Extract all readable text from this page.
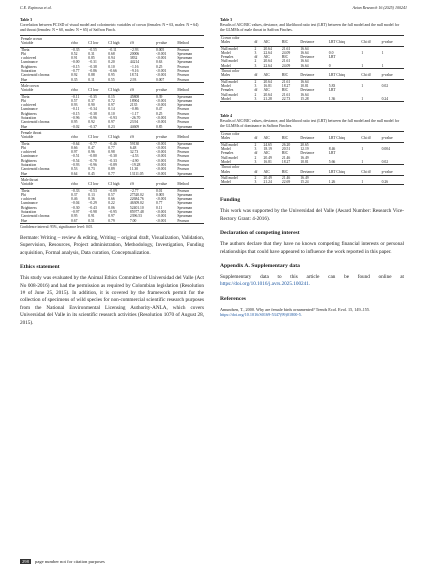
C.E. Espinosa et al.	Avian Research 16 (2025) 100241
Table 3
Correlation between PC1SD of visual model and colorimetric variables of crown (females: N = 63, males: N = 64) and throat (females: N = 60, males: N = 65) of Saffron Finch.
Female crown						
Variable	r/rho	CI low	CI high	t/S	p-value	Method
Theta	−0.35	−0.55	−0.11	−2.93	0.005	Pearson
Phi	0.52	0.31	0.68	20006	<0.001	Spearman
r achieved	0.91	0.85	0.94	3832	<0.001	Spearman
Luminance	−0.00	−0.31	0.20	44214	0.63	Spearman
Brightness	−0.15	−0.38	0.10	−1.16	0.25	Pearson
Saturation	−0.77	−0.86	−0.66	−9.16	<0.001	Pearson
Carotenoid chroma	0.92	0.88	0.95	18.74	<0.001	Pearson
Hue	0.35	0.11	0.55	2.93	0.007	Pearson
Male crown						
Variable	r/rho	CI low	CI high	t/S	p-value	Method
Theta	−0.11	−0.35	0.15	45808	0.39	Spearman
Phi	0.57	0.37	0.72	18904	<0.001	Spearman
r achieved	0.93	0.90	0.97	2135	<0.001	Spearman
Luminance	−0.11	−0.34	0.14	−0.86	0.47	Pearson
Brightness	−0.15	−0.38	0.10	−1.17	0.25	Pearson
Saturation	−0.96	−0.96	−0.93	−26.70	<0.001	Pearson
Carotenoid chroma	0.95	0.92	0.97	23.94	<0.001	Pearson
Hue	−0.02	−0.37	0.23	44609	0.85	Spearman
Female throat						
Variable	r/rho	CI low	CI high	t/S	p-value	Method
Theta	−0.64	−0.77	−0.46	59130	<0.001	Spearman
Phi	0.66	0.47	0.77	6.48	<0.001	Pearson
r achieved	0.97	0.96	0.98	32.73	<0.001	Pearson
Luminance	−0.51	−0.80	−0.30	−4.53	<0.001	Pearson
Brightness	−0.54	−0.70	−0.33	−4.90	<0.001	Pearson
Saturation	−0.93	−0.96	−0.89	−19.28	<0.001	Pearson
Carotenoid chroma	0.53	0.73	0.89	11.30	<0.001	Pearson
Hue	0.64	0.45	0.77	13111.05	<0.001	Spearman
Male throat						
Variable	r/rho	CI low	CI high	t/S	p-value	Method
Theta	−0.33	−0.53	−0.09	−2.77	0.01	Pearson
Phi	0.37	0.13	0.57	27520.02	0.005	Spearman
r achieved	0.46	0.36	0.66	22684.76	<0.001	Spearman
Luminance	−0.04	−0.29	0.22	46309.02	0.77	Spearman
Brightness	−0.30	−0.43	0.06	52401.10	0.11	Spearman
Saturation	−0.97	−0.98	−0.95	85977.48	<0.001	Spearman
Carotenoid chroma	0.95	0.91	0.97	2396.53	<0.001	Spearman
Hue	0.67	0.51	0.79	7.00	<0.001	Pearson
Confidence interval: 95%, significance level: 0.05.

Bermate: Writing – review & editing, Writing – original draft, Visualization, Validation, Supervision, Resources, Project administration, Methodology, Investigation, Funding acquisition, Formal analysis, Data curation, Conceptualization.

Ethics statement

This study was evaluated by the Animal Ethics Committee of Universidad del Valle (Act No 008-2016) and had the permission as required by Colombian legislation (Resolution 1# of June 25, 2015). In addition, it is covered by the framework permit for the collection of specimens of wild species for non-commercial scientific research purposes from the National Environmental Licensing Authority-ANLA, which covers Universidad del Valle in its scientific research activities (Resolution 1070 of August 28, 2015).

Table 3
Results of AIC/BIC values, deviance, and likelihood ratio test (LRT) between the full model and the null model for the GLMMs of male throat in Saffron Finches.
Crown color							
Males	df	AIC	BIC	Deviance	LRT Chisq	Chi df	p-value
Null model	2	20.64	21.61	16.64			
Model	3	22.64	24.09	16.64	0.0	1	1
Females	df	AIC	BIC	Deviance	LRT		
Null model	2	20.64	21.61	16.64			
Model	3	22.64	24.09	16.64	0	1	1
Throat color							
Males	df	AIC	BIC	Deviance	LRT Chisq	Chi df	p-value
Null model	2	20.64	21.61	16.64			
Model	3	16.81	18.27	10.81	5.83	1	0.02
Females	df	AIC	BIC	Deviance	LRT		
Null model	2	20.64	21.61	16.64			
Model	3	21.28	22.73	15.28	1.36	1	0.24
Table 4
Results of AIC/BIC values, deviance, and likelihood ratio test (LRT) between the full model and the null model for the GLMMs of dominance in Saffron Finches.
Crown color							
Males	df	AIC	BIC	Deviance	LRT Chisq	Chi df	p-value
Null model	2	24.65	26.20	20.65			
Model	3	18.19	20.51	12.19	8.46	1	0.004
Females	df	AIC	BIC	Deviance	LRT		
Null model	2	20.49	21.46	16.49			
Model	3	16.81	18.27	10.81	5.66	1	0.02
Throat color							
Males	df	AIC	BIC	Deviance	LRT Chisq	Chi df	p-value
Null model	2	20.49	21.46	16.49			
Model	3	21.24	22.69	15.24	1.26	1	0.26
Funding

This work was supported by the Universidad del Valle (Award Number: Research Vice-Rectory Grant: 4-2016).

Declaration of competing interest

The authors declare that they have no known competing financial interests or personal relationships that could have appeared to influence the work reported in this paper.

Appendix A. Supplementary data

Supplementary data to this article can be found online at https://doi.org/10.1016/j.avrs.2025.100241.

References

Amundsen, T., 2000. Why are female birds ornamented? Trends Ecol. Evol. 15, 149–155. https://doi.org/10.1016/S0169-5347(99)01800-5.

298 page number not for citation purposes
